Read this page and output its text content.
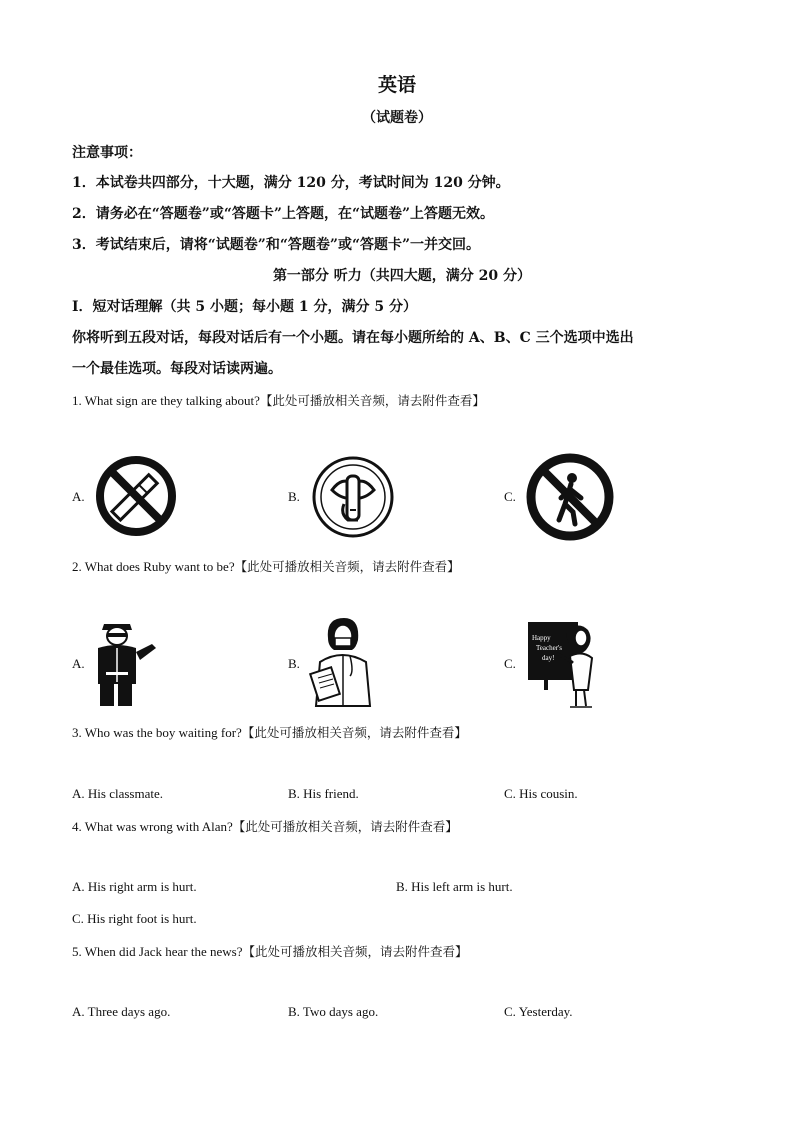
英语
（试题卷）
注意事项：
1．本试卷共四部分，十大题，满分 120 分，考试时间为 120 分钟。
2．请务必在“答题卷”或“答题卡”上答题，在“试题卷”上答题无效。
3．考试结束后，请将“试题卷”和“答题卷”或“答题卡”一并交回。
第一部分 听力（共四大题，满分 20 分）
Ⅰ．短对话理解（共 5 小题；每小题 1 分，满分 5 分）
你将听到五段对话，每段对话后有一个小题。请在每小题所给的 A、B、C 三个选项中选出
一个最佳选项。每段对话读两遍。
1. What sign are they talking about?【此处可播放相关音频，请去附件查看】
A.	B.	C.
2. What does Ruby want to be?【此处可播放相关音频，请去附件查看】
A.	B.	C.
Happy
Teacher's
day!
3. Who was the boy waiting for?【此处可播放相关音频，请去附件查看】
A. His classmate.	B. His friend.	C. His cousin.
4. What was wrong with Alan?【此处可播放相关音频，请去附件查看】
A. His right arm is hurt.	B. His left arm is hurt.
C. His right foot is hurt.
5. When did Jack hear the news?【此处可播放相关音频，请去附件查看】
A. Three days ago.	B. Two days ago.	C. Yesterday.
